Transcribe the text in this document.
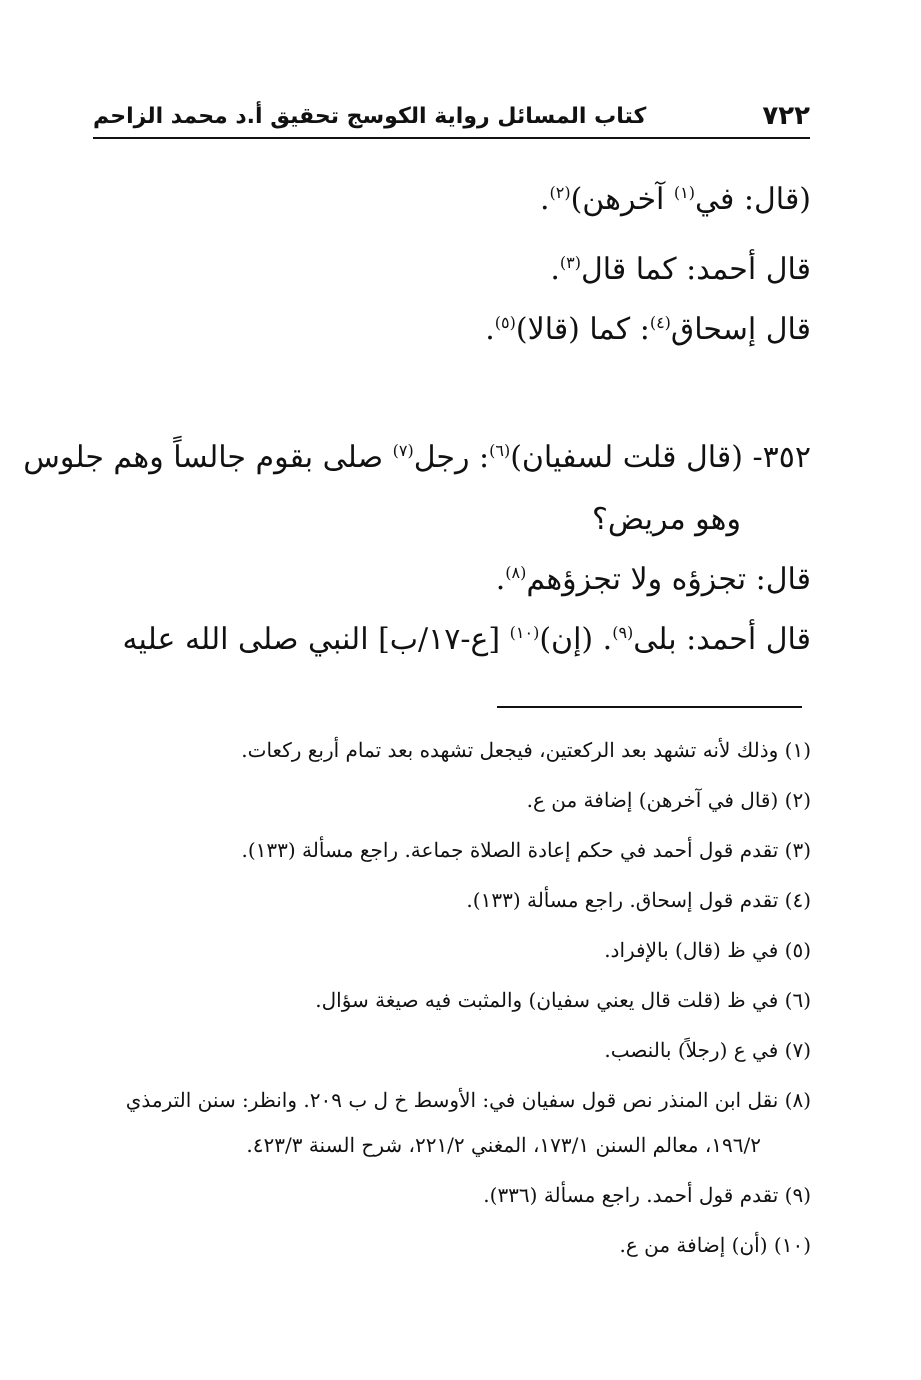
٧٢٢
كتاب المسائل رواية الكوسج تحقيق أ.د محمد الزاحم
(قال: في$^{(١)}$ آخرهن)$^{(٢)}$.
قال أحمد: كما قال$^{(٣)}$.
قال إسحاق$^{(٤)}$: كما (قالا)$^{(٥)}$.
٣٥٢- (قال قلت لسفيان)$^{(٦)}$: رجل$^{(٧)}$ صلى بقوم جالساً وهم جلوس
وهو مريض؟
قال: تجزؤه ولا تجزؤهم$^{(٨)}$.
قال أحمد: بلى$^{(٩)}$. (إن)$^{(١٠)}$ [ع-١٧/ب] النبي صلى الله عليه
(١) وذلك لأنه تشهد بعد الركعتين، فيجعل تشهده بعد تمام أربع ركعات.
(٢) (قال في آخرهن) إضافة من ع.
(٣) تقدم قول أحمد في حكم إعادة الصلاة جماعة. راجع مسألة (١٣٣).
(٤) تقدم قول إسحاق. راجع مسألة (١٣٣).
(٥) في ظ (قال) بالإفراد.
(٦) في ظ (قلت قال يعني سفيان) والمثبت فيه صيغة سؤال.
(٧) في ع (رجلاً) بالنصب.
(٨) نقل ابن المنذر نص قول سفيان في: الأوسط خ ل ب ٢٠٩. وانظر: سنن الترمذي
١٩٦/٢، معالم السنن ١٧٣/١، المغني ٢٢١/٢، شرح السنة ٤٢٣/٣.
(٩) تقدم قول أحمد. راجع مسألة (٣٣٦).
(١٠) (أن) إضافة من ع.
